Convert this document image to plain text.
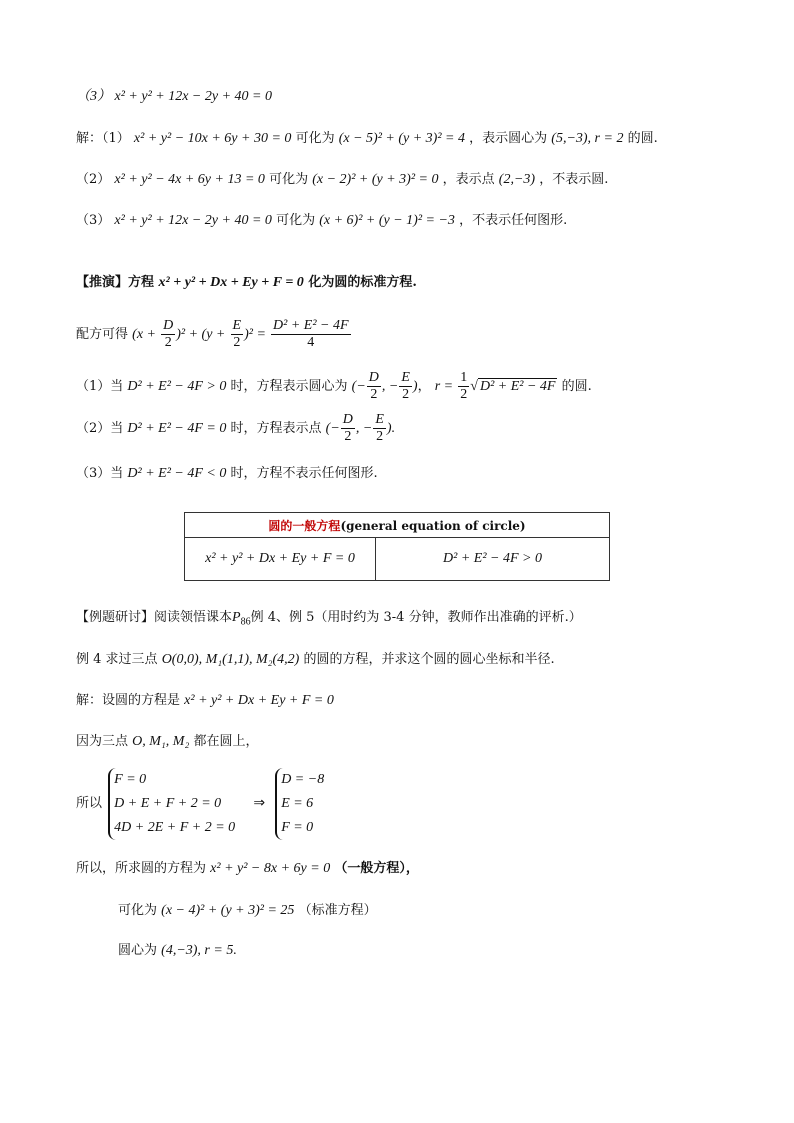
（3） x² + y² + 12x − 2y + 40 = 0
解：（1） x² + y² − 10x + 6y + 30 = 0 可化为 (x − 5)² + (y + 3)² = 4 ，表示圆心为 (5,−3), r = 2 的圆.
（2） x² + y² − 4x + 6y + 13 = 0 可化为 (x − 2)² + (y + 3)² = 0 ，表示点 (2,−3) ，不表示圆.
（3） x² + y² + 12x − 2y + 40 = 0 可化为 (x + 6)² + (y − 1)² = −3 ，不表示任何图形.
【推演】方程 x² + y² + Dx + Ey + F = 0 化为圆的标准方程.
配方可得 $(x + \frac{D}{2} )^2 + (y + \frac{E}{2} )^2 = \frac{\text{D² + E² − 4F}}{4}$
（1）当 D² + E² − 4F > 0 时，方程表示圆心为 (− $\frac{D}{2}$ , − $\frac{E}{2}$ )， $r = \frac{1}{2}$ √ D² + E² − 4F 的圆.
（2）当 D² + E² − 4F = 0 时，方程表示点 (− $\frac{D}{2}$ , − $\frac{E}{2}$ ).
（3）当 D² + E² − 4F < 0 时，方程不表示任何图形.
圆的一般方程(general equation of circle)
x² + y² + Dx + Ey + F = 0	D² + E² − 4F > 0
【例题研讨】阅读领悟课本$P_{86}$例 4、例 5（用时约为 3-4 分钟，教师作出准确的评析.）
例 4 求过三点 O(0,0), M₁(1,1), M₂(4,2) 的圆的方程，并求这个圆的圆心坐标和半径.
解：设圆的方程是 x² + y² + Dx + Ey + F = 0
因为三点 O, M₁, M₂ 都在圆上，
所以
F = 0
D + E + F + 2 = 0
4D + 2E + F + 2 = 0
⇒
D = −8
E = 6
F = 0
所以，所求圆的方程为 x² + y² − 8x + 6y = 0 （一般方程），
可化为 (x − 4)² + (y + 3)² = 25 （标准方程）
圆心为 (4,−3), r = 5.
